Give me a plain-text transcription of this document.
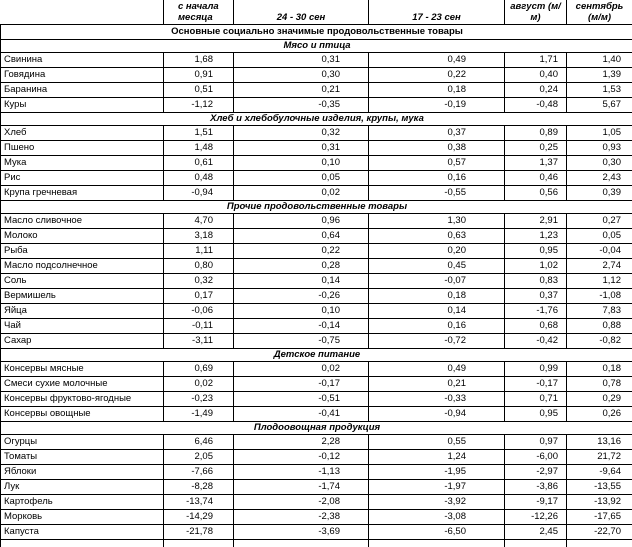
	с начала месяца	24 - 30 сен	17 - 23 сен	август (м/м)	сентябрь (м/м)
Основные социально значимые продовольственные товары					
Мясо и птица					
Свинина	1,68	0,31	0,49	1,71	1,40
Говядина	0,91	0,30	0,22	0,40	1,39
Баранина	0,51	0,21	0,18	0,24	1,53
Куры	-1,12	-0,35	-0,19	-0,48	5,67
Хлеб и хлебобулочные изделия, крупы, мука					
Хлеб	1,51	0,32	0,37	0,89	1,05
Пшено	1,48	0,31	0,38	0,25	0,93
Мука	0,61	0,10	0,57	1,37	0,30
Рис	0,48	0,05	0,16	0,46	2,43
Крупа гречневая	-0,94	0,02	-0,55	0,56	0,39
Прочие продовольственные товары					
Масло сливочное	4,70	0,96	1,30	2,91	0,27
Молоко	3,18	0,64	0,63	1,23	0,05
Рыба	1,11	0,22	0,20	0,95	-0,04
Масло подсолнечное	0,80	0,28	0,45	1,02	2,74
Соль	0,32	0,14	-0,07	0,83	1,12
Вермишель	0,17	-0,26	0,18	0,37	-1,08
Яйца	-0,06	0,10	0,14	-1,76	7,83
Чай	-0,11	-0,14	0,16	0,68	0,88
Сахар	-3,11	-0,75	-0,72	-0,42	-0,82
Детское питание					
Консервы мясные	0,69	0,02	0,49	0,99	0,18
Смеси сухие молочные	0,02	-0,17	0,21	-0,17	0,78
Консервы фруктово-ягодные	-0,23	-0,51	-0,33	0,71	0,29
Консервы овощные	-1,49	-0,41	-0,94	0,95	0,26
Плодоовощная продукция					
Огурцы	6,46	2,28	0,55	0,97	13,16
Томаты	2,05	-0,12	1,24	-6,00	21,72
Яблоки	-7,66	-1,13	-1,95	-2,97	-9,64
Лук	-8,28	-1,74	-1,97	-3,86	-13,55
Картофель	-13,74	-2,08	-3,92	-9,17	-13,92
Морковь	-14,29	-2,38	-3,08	-12,26	-17,65
Капуста	-21,78	-3,69	-6,50	2,45	-22,70
